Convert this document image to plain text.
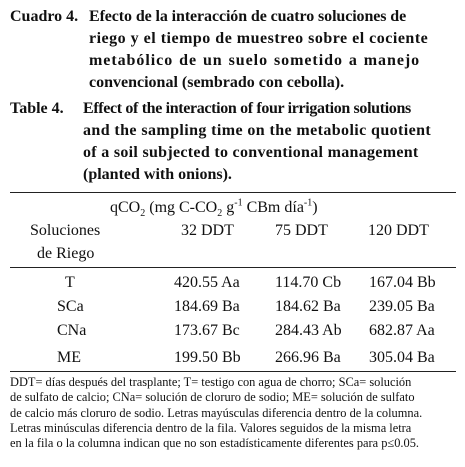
Cuadro 4. Efecto de la interacción de cuatro soluciones de
riego y el tiempo de muestreo sobre el cociente
metabólico de un suelo sometido a manejo
convencional (sembrado con cebolla).
Table 4. Effect of the interaction of four irrigation solutions
and the sampling time on the metabolic quotient
of a soil subjected to conventional management
(planted with onions).
qCO$_2$ (mg $C-CO_2$ $g^{-1}$ CBm día$^{-1}$)
Soluciones
de Riego
32 DDT	75 DDT	120 DDT
T	420.55 Aa 114.70 Cb 167.04 Bb
SCa	184.69 Ba 184.62 Ba 239.05 Ba
CNa	173.67 Bc 284.43 Ab 682.87 Aa
ME	199.50 Bb 266.96 Ba 305.04 Ba
DDT= días después del trasplante; T= testigo con agua de chorro; SCa= solución
de sulfato de calcio; CNa= solución de cloruro de sodio; ME= solución de sulfato
de calcio más cloruro de sodio. Letras mayúsculas diferencia dentro de la columna.
Letras minúsculas diferencia dentro de la fila. Valores seguidos de la misma letra
en la fila o la columna indican que no son estadísticamente diferentes para p≤0.05.
